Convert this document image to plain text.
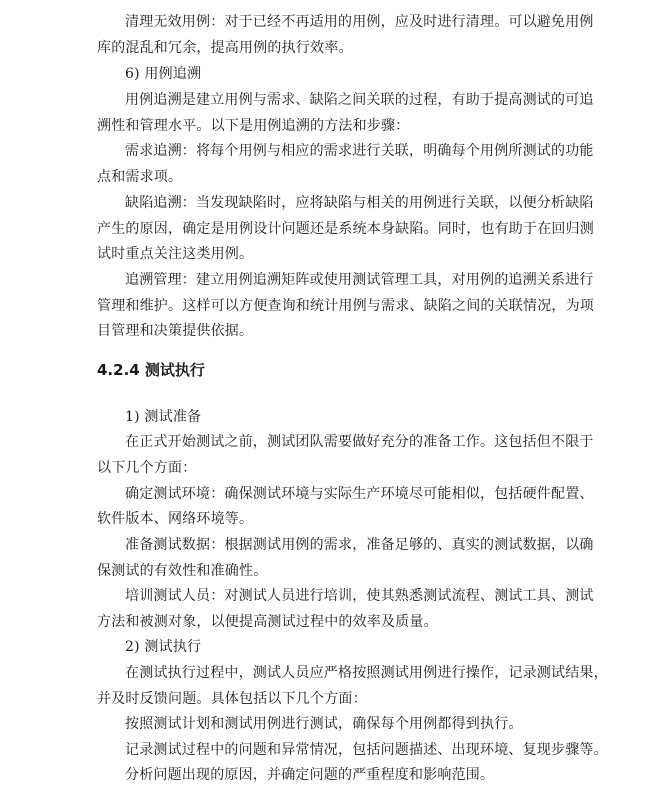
清理无效用例：对于已经不再适用的用例，应及时进行清理。可以避免用例
库的混乱和冗余，提高用例的执行效率。
6) 用例追溯
用例追溯是建立用例与需求、缺陷之间关联的过程，有助于提高测试的可追
溯性和管理水平。以下是用例追溯的方法和步骤：
需求追溯：将每个用例与相应的需求进行关联，明确每个用例所测试的功能
点和需求项。
缺陷追溯：当发现缺陷时，应将缺陷与相关的用例进行关联，以便分析缺陷
产生的原因，确定是用例设计问题还是系统本身缺陷。同时，也有助于在回归测
试时重点关注这类用例。
追溯管理：建立用例追溯矩阵或使用测试管理工具，对用例的追溯关系进行
管理和维护。这样可以方便查询和统计用例与需求、缺陷之间的关联情况，为项
目管理和决策提供依据。
4.2.4 测试执行
1) 测试准备
在正式开始测试之前，测试团队需要做好充分的准备工作。这包括但不限于
以下几个方面：
确定测试环境：确保测试环境与实际生产环境尽可能相似，包括硬件配置、
软件版本、网络环境等。
准备测试数据：根据测试用例的需求，准备足够的、真实的测试数据，以确
保测试的有效性和准确性。
培训测试人员：对测试人员进行培训，使其熟悉测试流程、测试工具、测试
方法和被测对象，以便提高测试过程中的效率及质量。
2) 测试执行
在测试执行过程中，测试人员应严格按照测试用例进行操作，记录测试结果，
并及时反馈问题。具体包括以下几个方面：
按照测试计划和测试用例进行测试，确保每个用例都得到执行。
记录测试过程中的问题和异常情况，包括问题描述、出现环境、复现步骤等。
分析问题出现的原因，并确定问题的严重程度和影响范围。
